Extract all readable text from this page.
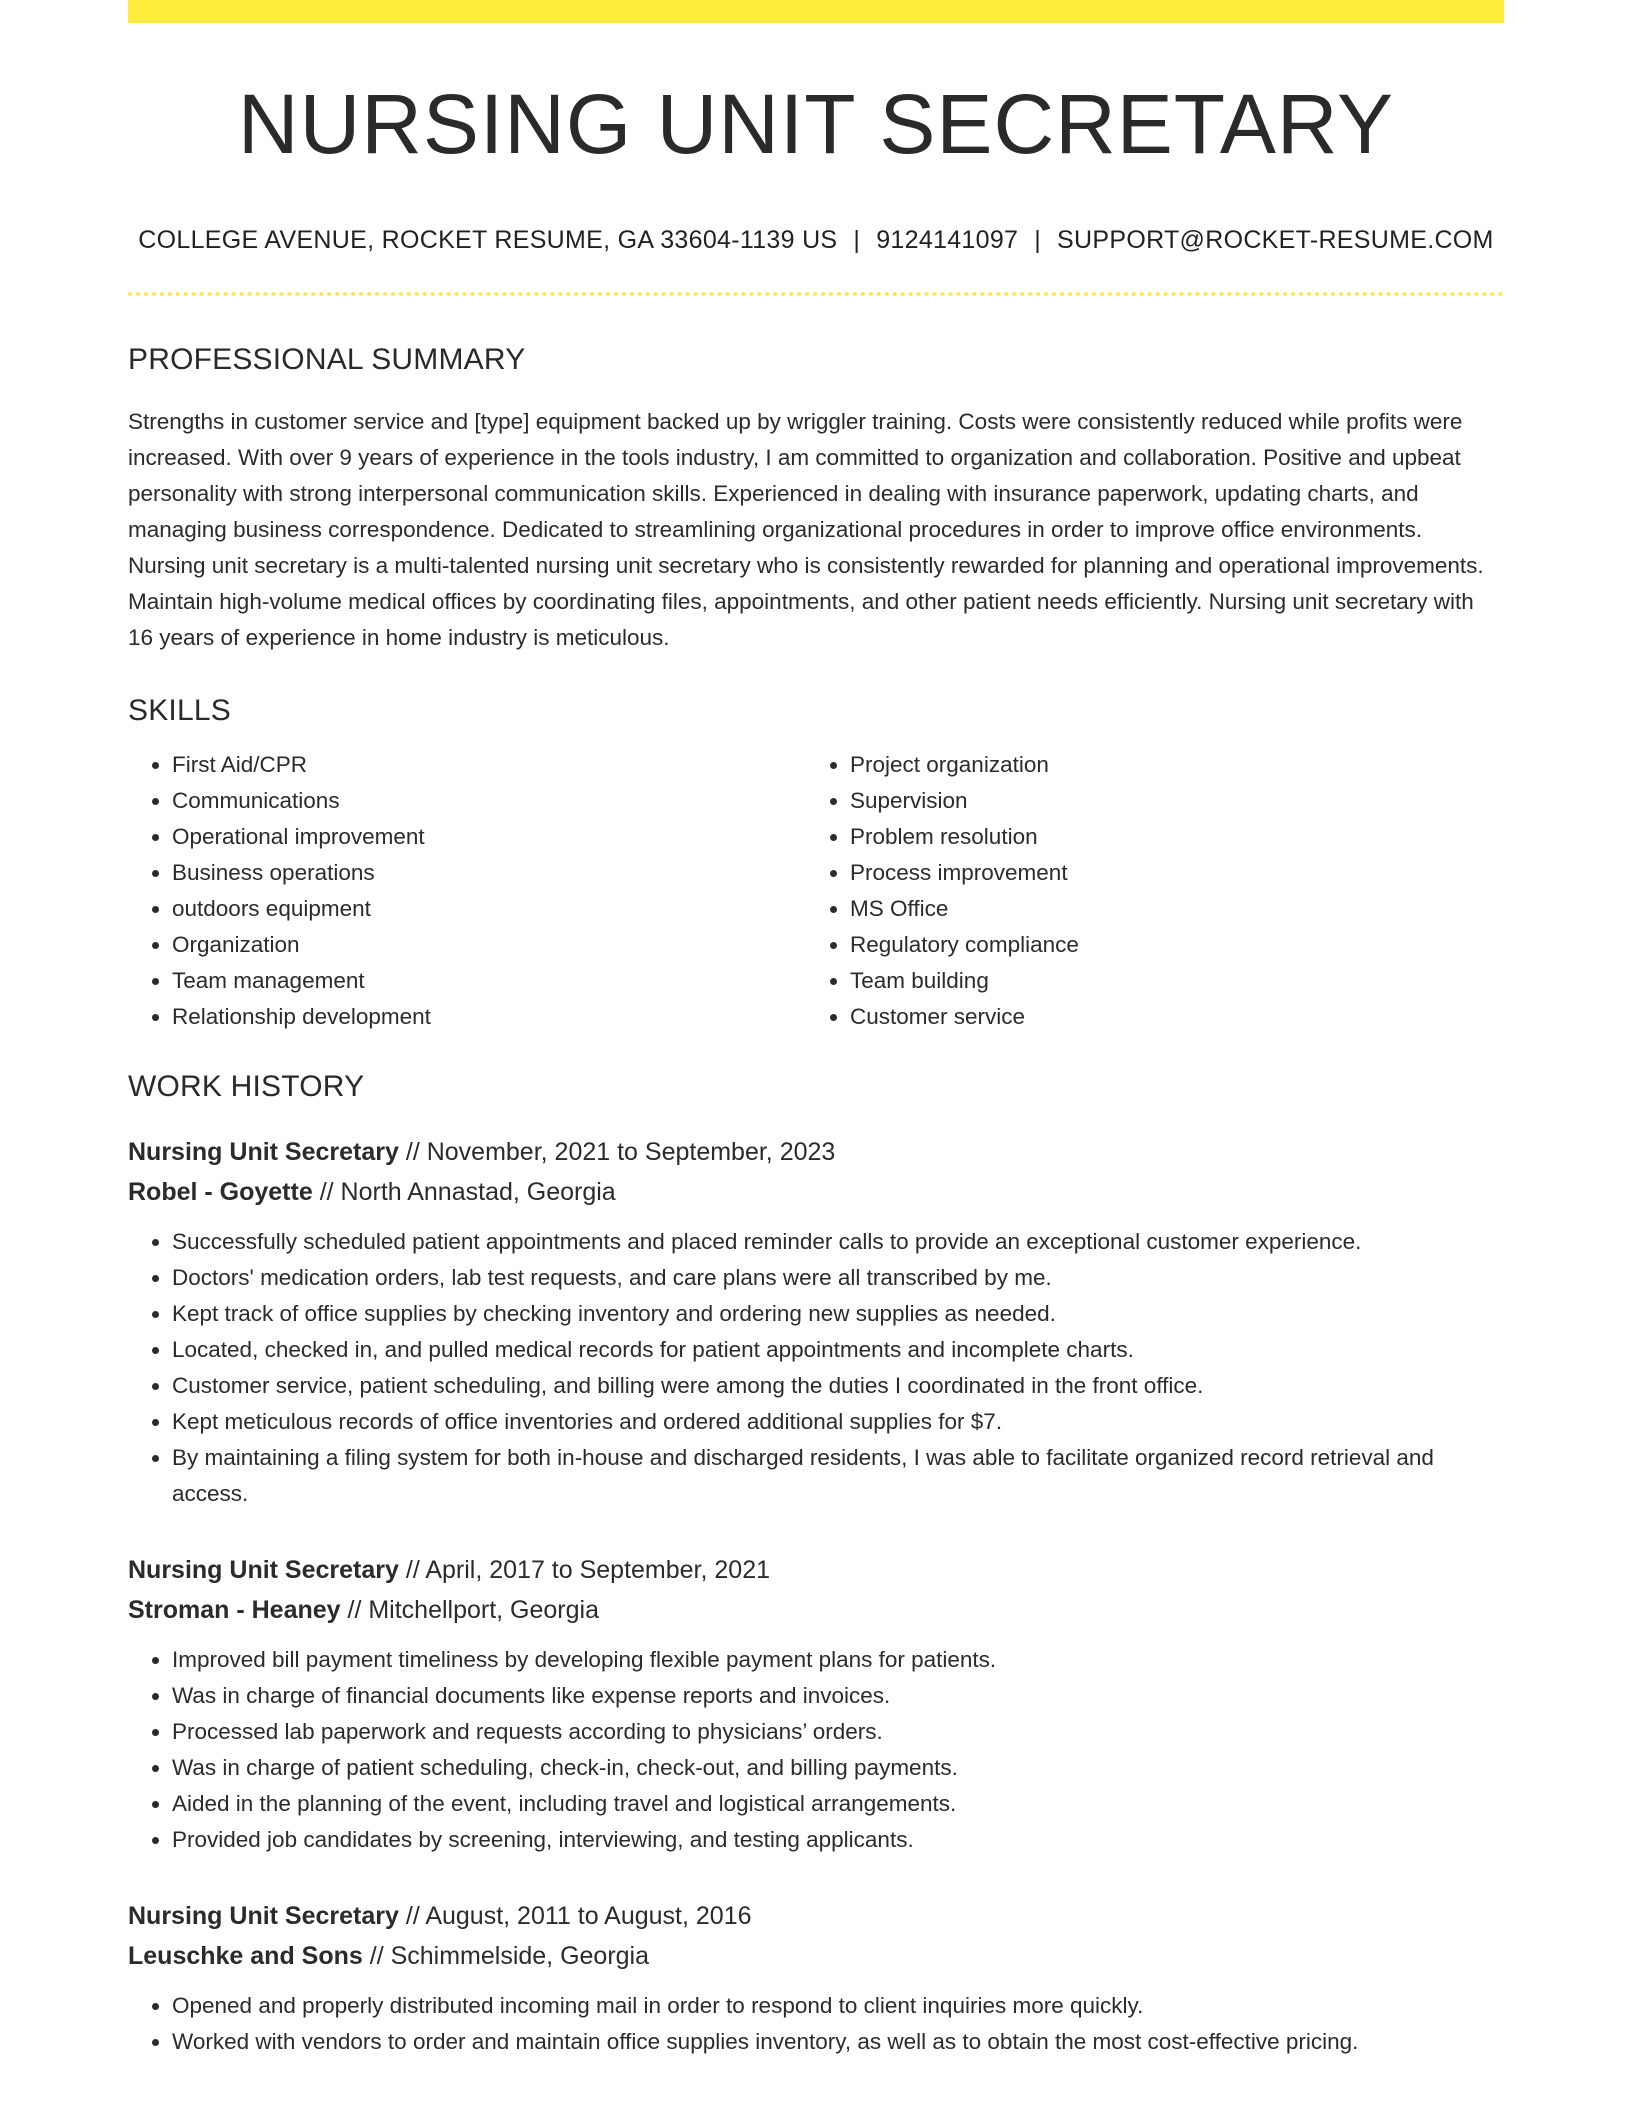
NURSING UNIT SECRETARY
COLLEGE AVENUE, ROCKET RESUME, GA 33604-1139 US | 9124141097 | SUPPORT@ROCKET-RESUME.COM
PROFESSIONAL SUMMARY

Strengths in customer service and [type] equipment backed up by wriggler training. Costs were consistently reduced while profits were increased. With over 9 years of experience in the tools industry, I am committed to organization and collaboration. Positive and upbeat personality with strong interpersonal communication skills. Experienced in dealing with insurance paperwork, updating charts, and managing business correspondence. Dedicated to streamlining organizational procedures in order to improve office environments. Nursing unit secretary is a multi-talented nursing unit secretary who is consistently rewarded for planning and operational improvements. Maintain high-volume medical offices by coordinating files, appointments, and other patient needs efficiently. Nursing unit secretary with 16 years of experience in home industry is meticulous.

SKILLS
• First Aid/CPR
• Communications
• Operational improvement
• Business operations
• outdoors equipment
• Organization
• Team management
• Relationship development
• Project organization
• Supervision
• Problem resolution
• Process improvement
• MS Office
• Regulatory compliance
• Team building
• Customer service
WORK HISTORY
Nursing Unit Secretary // November, 2021 to September, 2023
Robel - Goyette // North Annastad, Georgia
• Successfully scheduled patient appointments and placed reminder calls to provide an exceptional customer experience.
• Doctors' medication orders, lab test requests, and care plans were all transcribed by me.
• Kept track of office supplies by checking inventory and ordering new supplies as needed.
• Located, checked in, and pulled medical records for patient appointments and incomplete charts.
• Customer service, patient scheduling, and billing were among the duties I coordinated in the front office.
• Kept meticulous records of office inventories and ordered additional supplies for $7.
• By maintaining a filing system for both in-house and discharged residents, I was able to facilitate organized record retrieval and access.
Nursing Unit Secretary // April, 2017 to September, 2021
Stroman - Heaney // Mitchellport, Georgia
• Improved bill payment timeliness by developing flexible payment plans for patients.
• Was in charge of financial documents like expense reports and invoices.
• Processed lab paperwork and requests according to physicians’ orders.
• Was in charge of patient scheduling, check-in, check-out, and billing payments.
• Aided in the planning of the event, including travel and logistical arrangements.
• Provided job candidates by screening, interviewing, and testing applicants.
Nursing Unit Secretary // August, 2011 to August, 2016
Leuschke and Sons // Schimmelside, Georgia
• Opened and properly distributed incoming mail in order to respond to client inquiries more quickly.
• Worked with vendors to order and maintain office supplies inventory, as well as to obtain the most cost-effective pricing.
